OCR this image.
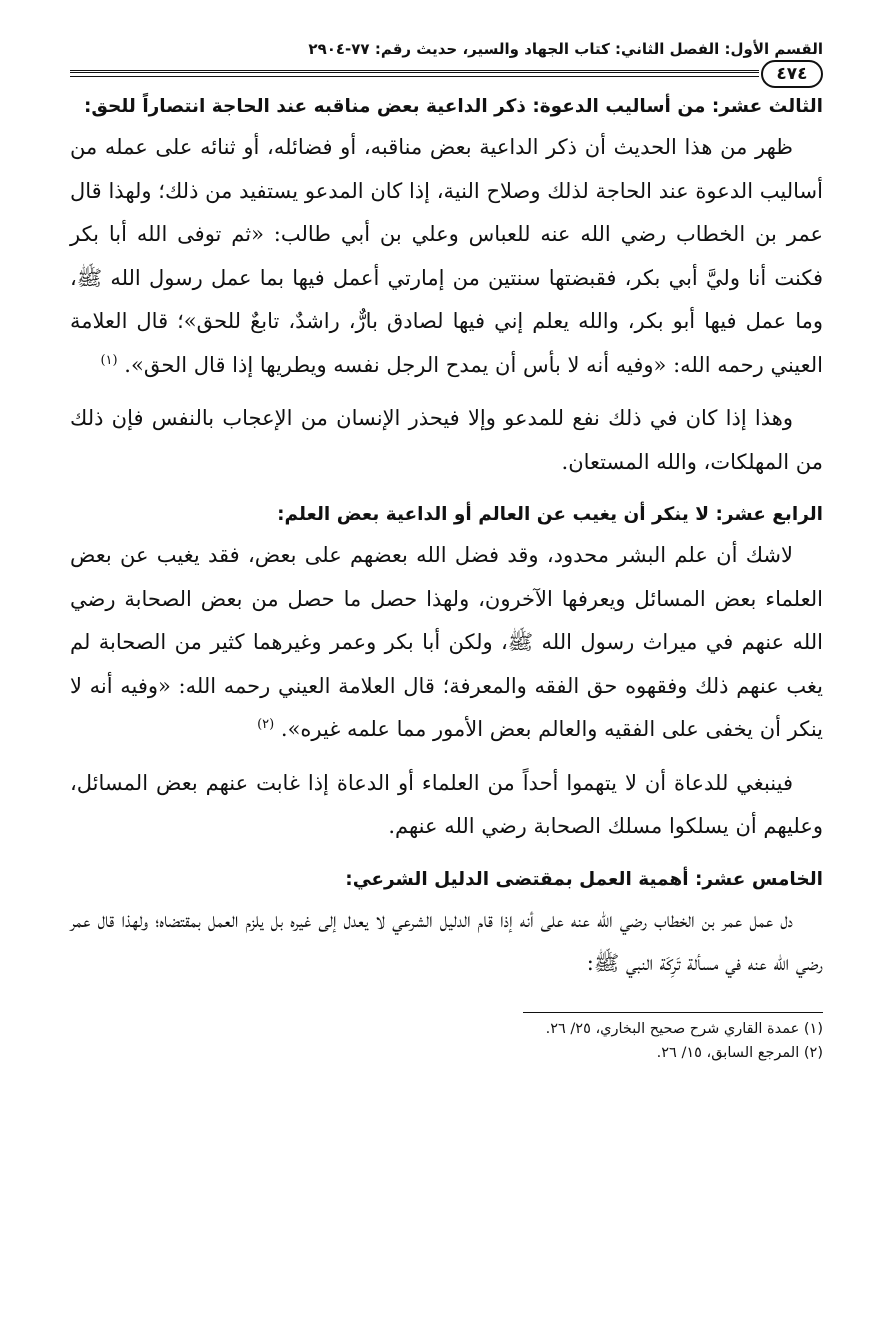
القسم الأول: الفصل الثاني: كتاب الجهاد والسير، حديث رقم: ٧٧-٢٩٠٤
٤٧٤
الثالث عشر: من أساليب الدعوة: ذكر الداعية بعض مناقبه عند الحاجة انتصاراً للحق:

ظهر من هذا الحديث أن ذكر الداعية بعض مناقبه، أو فضائله، أو ثنائه على عمله من أساليب الدعوة عند الحاجة لذلك وصلاح النية، إذا كان المدعو يستفيد من ذلك؛ ولهذا قال عمر بن الخطاب رضي الله عنه للعباس وعلي بن أبي طالب: «ثم توفى الله أبا بكر فكنت أنا وليَّ أبي بكر، فقبضتها سنتين من إمارتي أعمل فيها بما عمل رسول الله ﷺ، وما عمل فيها أبو بكر، والله يعلم إني فيها لصادق بارٌّ، راشدٌ، تابعٌ للحق»؛ قال العلامة العيني رحمه الله: «وفيه أنه لا بأس أن يمدح الرجل نفسه ويطريها إذا قال الحق». $^{(١)}$

وهذا إذا كان في ذلك نفع للمدعو وإلا فيحذر الإنسان من الإعجاب بالنفس فإن ذلك من المهلكات، والله المستعان.

الرابع عشر: لا ينكر أن يغيب عن العالم أو الداعية بعض العلم:

لاشك أن علم البشر محدود، وقد فضل الله بعضهم على بعض، فقد يغيب عن بعض العلماء بعض المسائل ويعرفها الآخرون، ولهذا حصل ما حصل من بعض الصحابة رضي الله عنهم في ميراث رسول الله ﷺ، ولكن أبا بكر وعمر وغيرهما كثير من الصحابة لم يغب عنهم ذلك وفقهوه حق الفقه والمعرفة؛ قال العلامة العيني رحمه الله: «وفيه أنه لا ينكر أن يخفى على الفقيه والعالم بعض الأمور مما علمه غيره». $^{(٢)}$

فينبغي للدعاة أن لا يتهموا أحداً من العلماء أو الدعاة إذا غابت عنهم بعض المسائل، وعليهم أن يسلكوا مسلك الصحابة رضي الله عنهم.

الخامس عشر: أهمية العمل بمقتضى الدليل الشرعي:

دل عمل عمر بن الخطاب رضي الله عنه على أنه إذا قام الدليل الشرعي لا يعدل إلى غيره بل يلزم العمل بمقتضاه؛ ولهذا قال عمر رضي الله عنه في مسألة تَرِكَة النبي ﷺ:

(١) عمدة القاري شرح صحيح البخاري، ٢٥/ ٢٦.

(٢) المرجع السابق، ١٥/ ٢٦.
